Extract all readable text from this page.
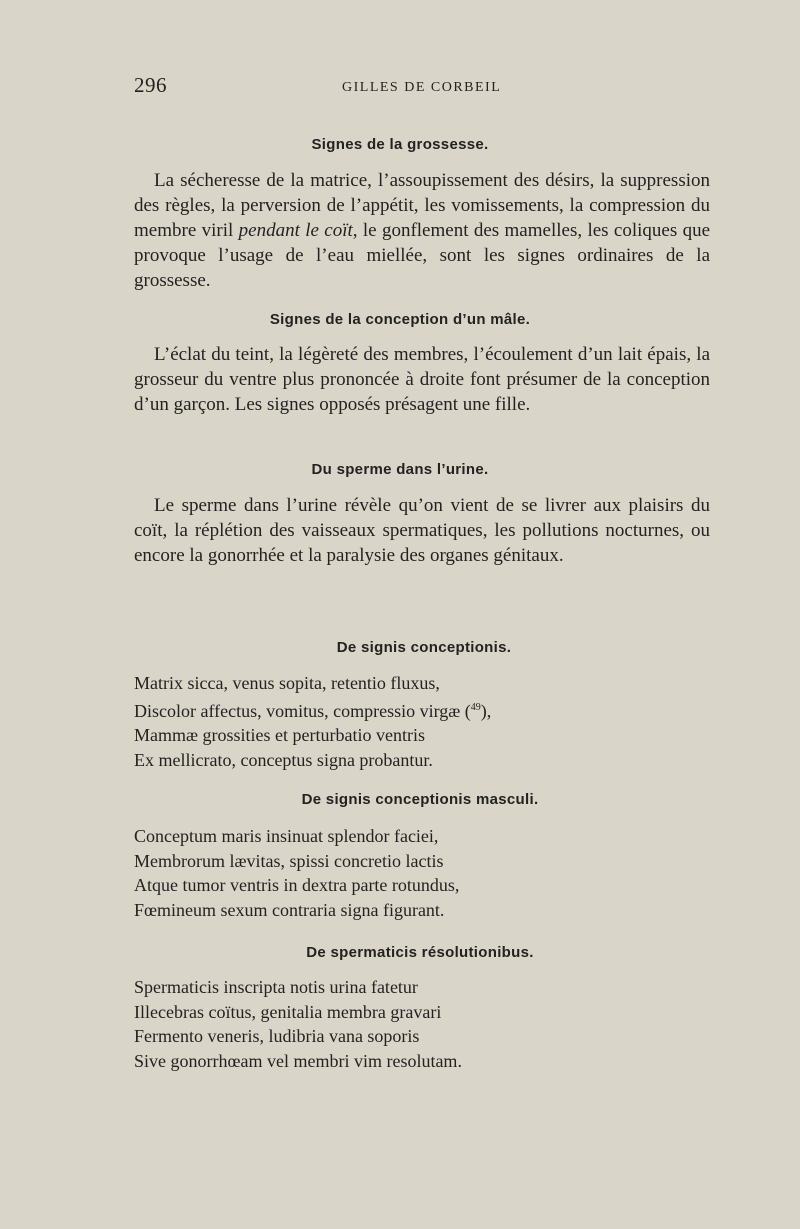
296	GILLES DE CORBEIL
Signes de la grossesse.

La sécheresse de la matrice, l’assoupissement des désirs, la suppression des règles, la perversion de l’appétit, les vomissements, la compression du membre viril pendant le coït, le gonflement des mamelles, les coliques que provoque l’usage de l’eau miellée, sont les signes ordinaires de la grossesse.

Signes de la conception d’un mâle.

L’éclat du teint, la légèreté des membres, l’écoulement d’un lait épais, la grosseur du ventre plus prononcée à droite font présumer de la conception d’un garçon. Les signes opposés présagent une fille.

Du sperme dans l’urine.

Le sperme dans l’urine révèle qu’on vient de se livrer aux plaisirs du coït, la réplétion des vaisseaux spermatiques, les pollutions nocturnes, ou encore la gonorrhée et la paralysie des organes génitaux.

De signis conceptionis.
Matrix sicca, venus sopita, retentio fluxus,
Discolor affectus, vomitus, compressio virgæ ($^{49}$),
Mammæ grossities et perturbatio ventris
Ex mellicrato, conceptus signa probantur.
De signis conceptionis masculi.
Conceptum maris insinuat splendor faciei,
Membrorum lævitas, spissi concretio lactis
Atque tumor ventris in dextra parte rotundus,
Fœmineum sexum contraria signa figurant.
De spermaticis résolutionibus.
Spermaticis inscripta notis urina fatetur
Illecebras coïtus, genitalia membra gravari
Fermento veneris, ludibria vana soporis
Sive gonorrhœam vel membri vim resolutam.
